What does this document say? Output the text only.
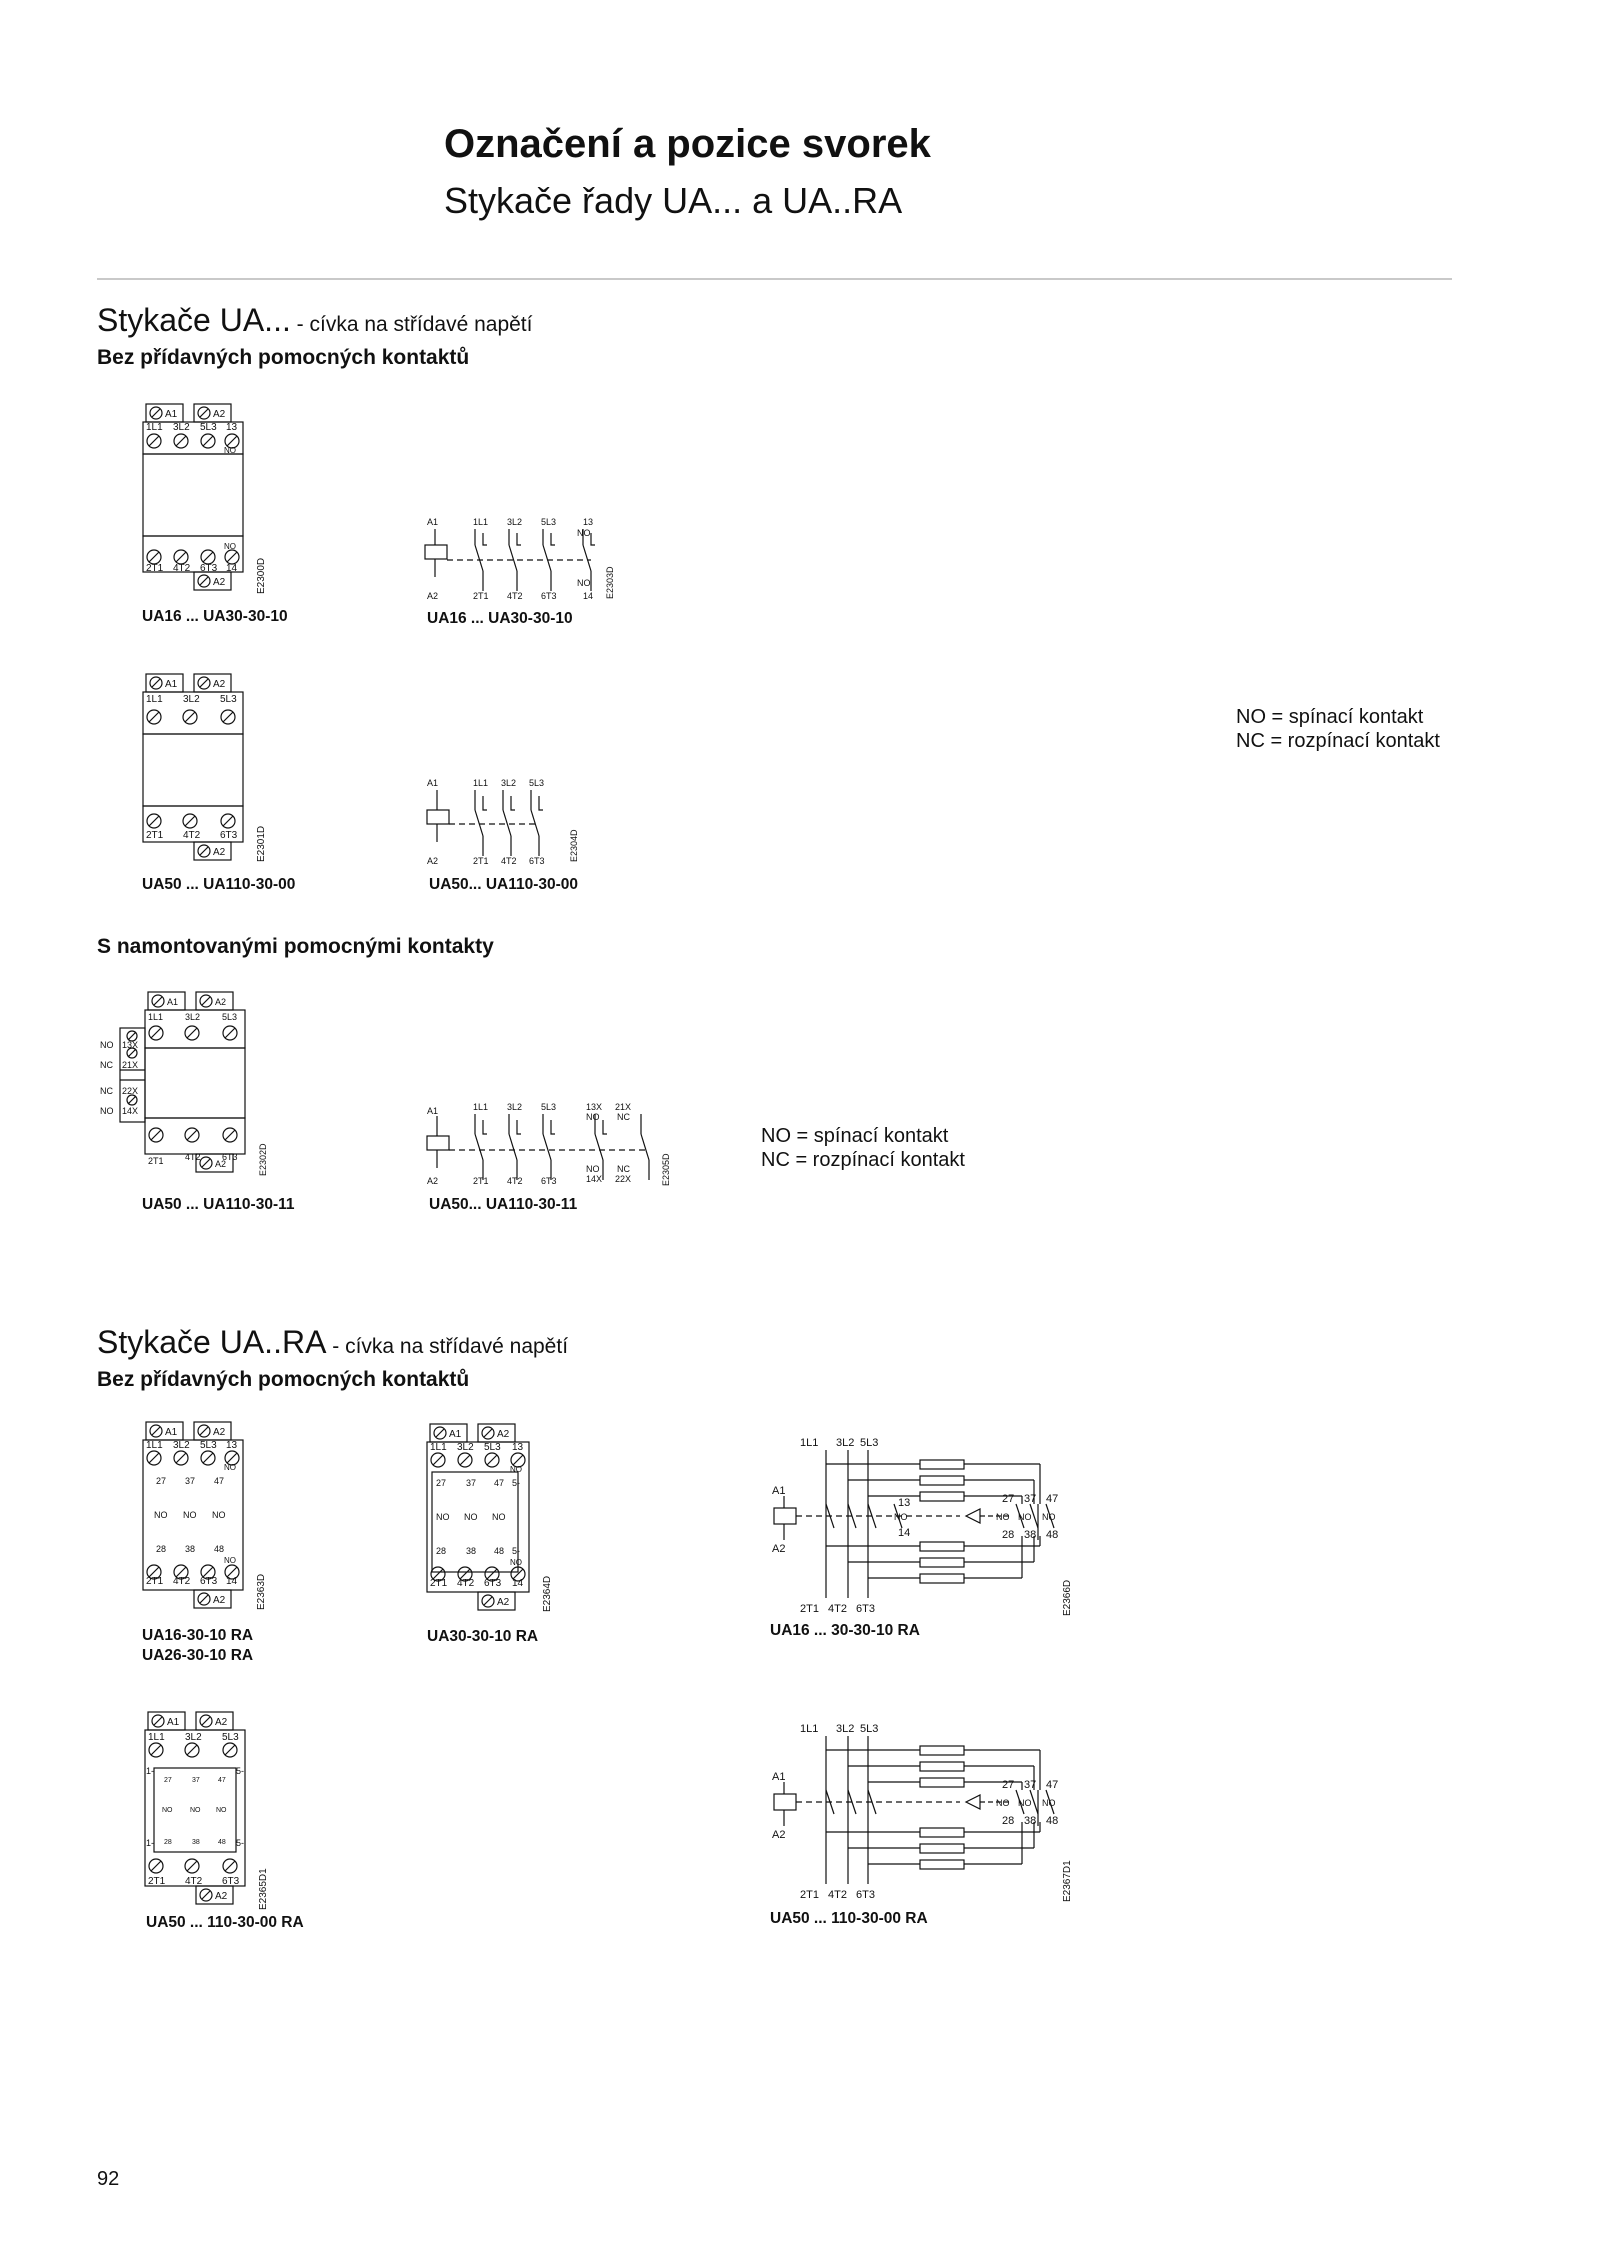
Označení a pozice svorek
Stykače řady UA... a UA..RA
Stykače UA... - cívka na střídavé napětí
Bez přídavných pomocných kontaktů
A1	A2
1L1 3L2 5L3 13
NO
NO
2T1 4T2 6T3 14
A2	E2300D
UA16 ... UA30-30-10
A1	1L1 3L2 5L3	13
NO
NO
A2	2T1 4T2 6T3	14 E2303D
UA16 ... UA30-30-10
A1	A2
1L1 3L2 5L3
2T1 4T2 6T3
A2	E2301D
UA50 ... UA110-30-00
A1	1L1 3L2 5L3
A2	2T1 4T2 6T3	E2304D
UA50... UA110-30-00
NO = spínací kontakt
NC = rozpínací kontakt
S namontovanými pomocnými kontakty
A1	A2
1L1 3L2 5L3
NO 13X
NC 21X
NC 22X
NO 14X
2T1 4T2 6T3
A2	E2302D
UA50 ... UA110-30-11
A1	1L1 3L2 5L3	13X
NO
21X
NC
NO
14X
NC
22X
A2	2T1 4T2 6T3	E2305D
UA50... UA110-30-11
NO = spínací kontakt
NC = rozpínací kontakt
Stykače UA..RA - cívka na střídavé napětí
Bez přídavných pomocných kontaktů
A1	A2
1L1 3L2 5L3 13
NO
27 37 47
NO NO NO
28 38 48
NO
2T1 4T2 6T3 14
A2	E2363D
UA16-30-10 RA
UA26-30-10 RA
A1	A2
1L1 3L2 5L3 13
NO
27 37 47 5-
NO NO NO
28 38 48 5-
NO
2T1 4T2 6T3 14
A2	E2364D
UA30-30-10 RA
1L1 3L2 5L3
A1
A2
13
NO
14
27 37 47
NO NO NO
28 38 48
2T1 4T2 6T3	E2366D
UA16 ... 30-30-10 RA
A1	A2
1L1 3L2 5L3
1-	5-
27	37	47
NO	NO NO
1-	5-
28	38	48
2T1 4T2 6T3
A2	E2365D1
UA50 ... 110-30-00 RA
1L1 3L2 5L3
A1
A2
27 37 47
NO NO NO
28 38 48
2T1 4T2 6T3	E2367D1
UA50 ... 110-30-00 RA
92
